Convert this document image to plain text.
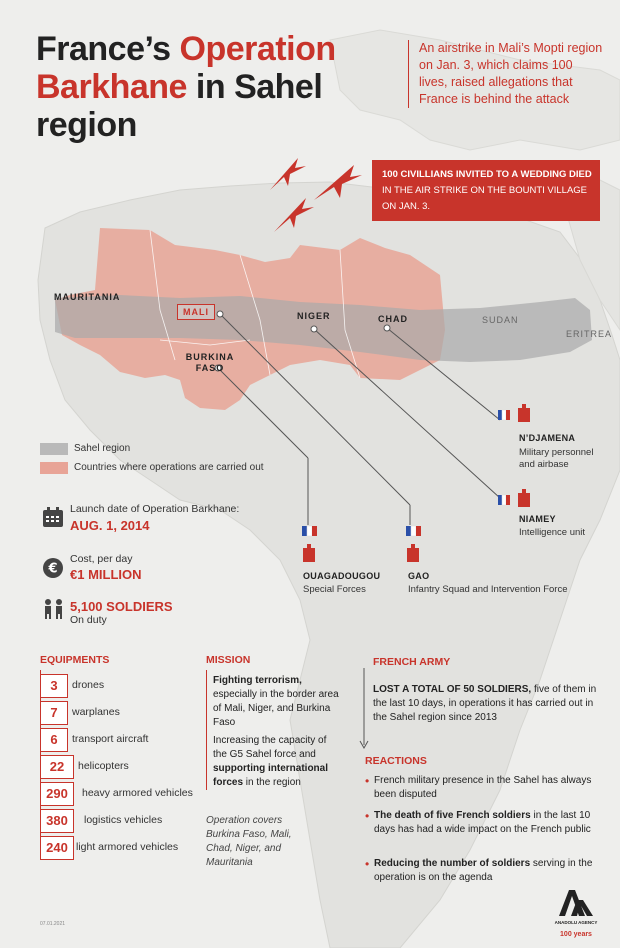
France’s Operation Barkhane in Sahel region
An airstrike in Mali’s Mopti region on Jan. 3, which claims 100 lives, raised allegations that France is behind the attack
100 CIVILLIANS INVITED TO A WEDDING DIED IN THE AIR STRIKE ON THE BOUNTI VILLAGE ON JAN. 3.
MAURITANIA
MALI	NIGER	CHAD
BURKINA FASO
SUDAN
ERITREA
Sahel region
Countries where operations are carried out
N’DJAMENA
Military personnel
and airbase
NIAMEY
Intelligence unit
OUAGADOUGOU
Special Forces
GAO
Infantry Squad and Intervention Force
Launch date of Operation Barkhane:
AUG. 1, 2014
€
Cost, per day
€1 MILLION
5,100 SOLDIERS
On duty
EQUIPMENTS
3	drones
7	warplanes
6	transport aircraft
22	helicopters
290	heavy armored vehicles
380	logistics vehicles
240 light armored vehicles
MISSION
Fighting terrorism, especially in the border area of Mali, Niger, and Burkina Faso
Increasing the capacity of the G5 Sahel force and supporting international forces in the region
Operation covers Burkina Faso, Mali, Chad, Niger, and Mauritania
FRENCH ARMY
LOST A TOTAL OF 50 SOLDIERS, five of them in the last 10 days, in operations it has carried out in the Sahel region since 2013
REACTIONS
• French military presence in the Sahel has always been disputed
• The death of five French soldiers in the last 10 days has had a wide impact on the French public
• Reducing the number of soldiers serving in the operation is on the agenda
07.01.2021	ANADOLU AGENCY
100 years
